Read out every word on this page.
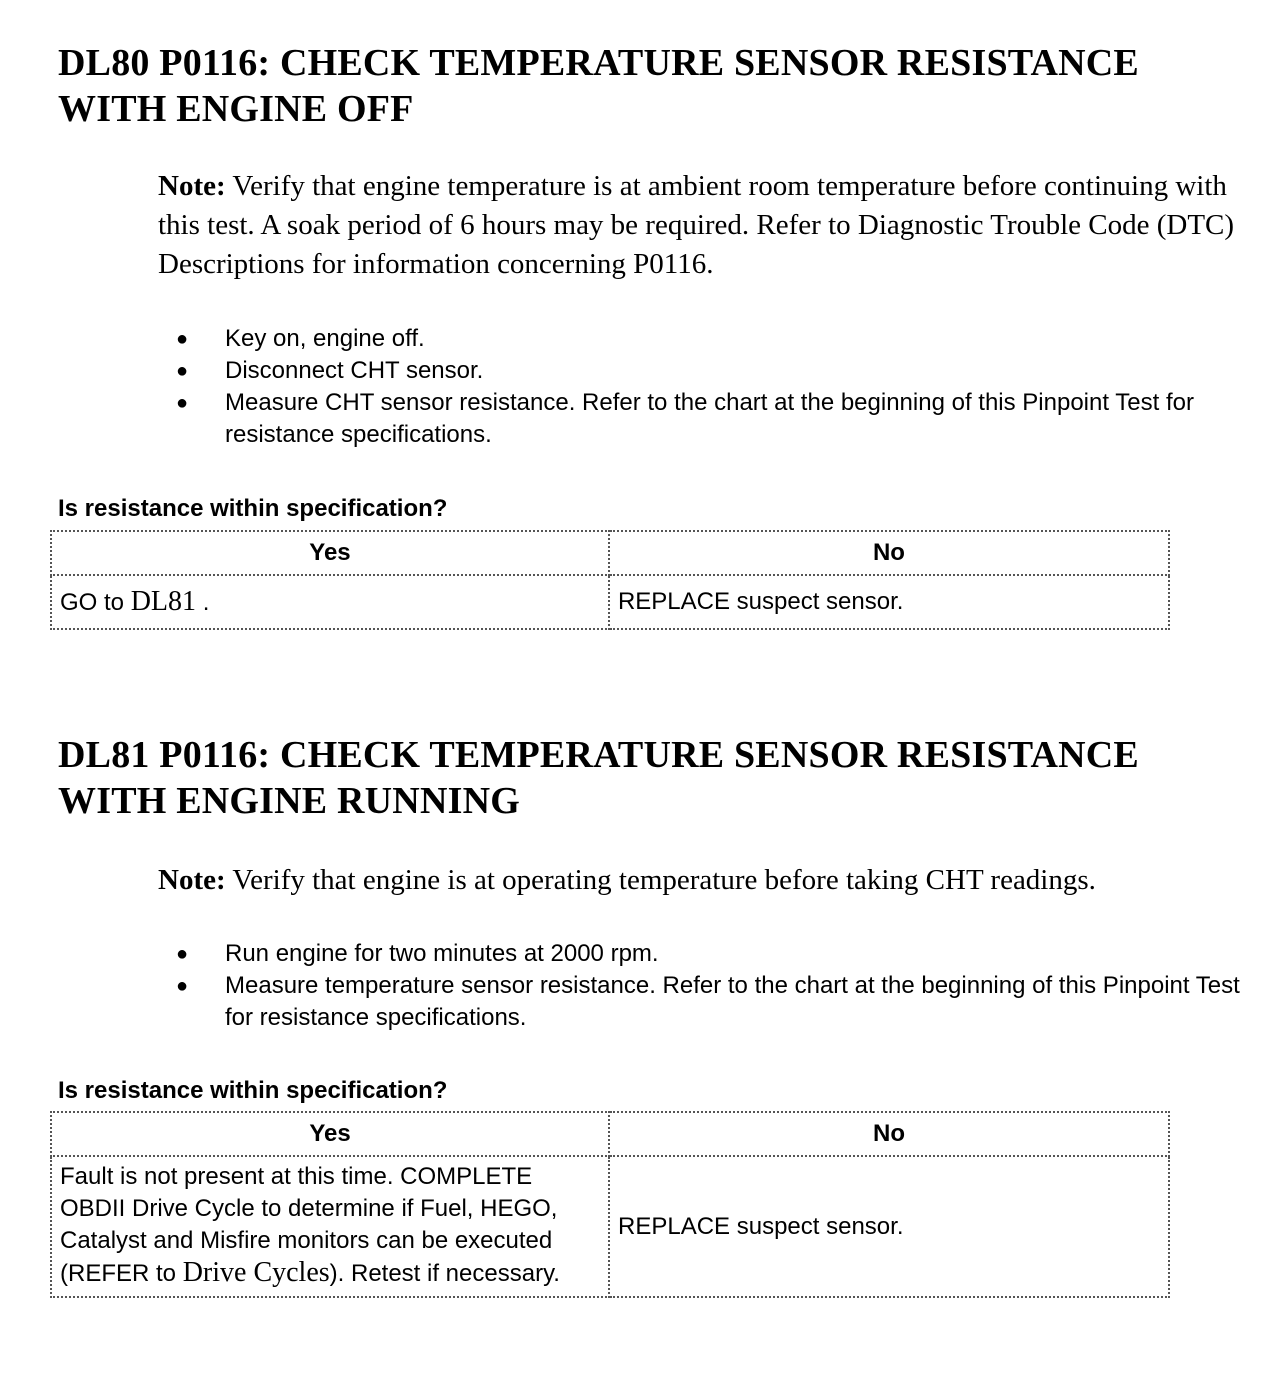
DL80 P0116: CHECK TEMPERATURE SENSOR RESISTANCE
WITH ENGINE OFF

Note: Verify that engine temperature is at ambient room temperature before continuing with this test. A soak period of 6 hours may be required. Refer to Diagnostic Trouble Code (DTC) Descriptions for information concerning P0116.

● Key on, engine off.
● Disconnect CHT sensor.
● Measure CHT sensor resistance. Refer to the chart at the beginning of this Pinpoint Test for resistance specifications.

Is resistance within specification?

Yes	No
GO to DL81 .	REPLACE suspect sensor.
DL81 P0116: CHECK TEMPERATURE SENSOR RESISTANCE
WITH ENGINE RUNNING

Note: Verify that engine is at operating temperature before taking CHT readings.

● Run engine for two minutes at 2000 rpm.
● Measure temperature sensor resistance. Refer to the chart at the beginning of this Pinpoint Test for resistance specifications.

Is resistance within specification?

Yes	No
Fault is not present at this time. COMPLETE OBDII Drive Cycle to determine if Fuel, HEGO, Catalyst and Misfire monitors can be executed (REFER to Drive Cycles). Retest if necessary.	REPLACE suspect sensor.
